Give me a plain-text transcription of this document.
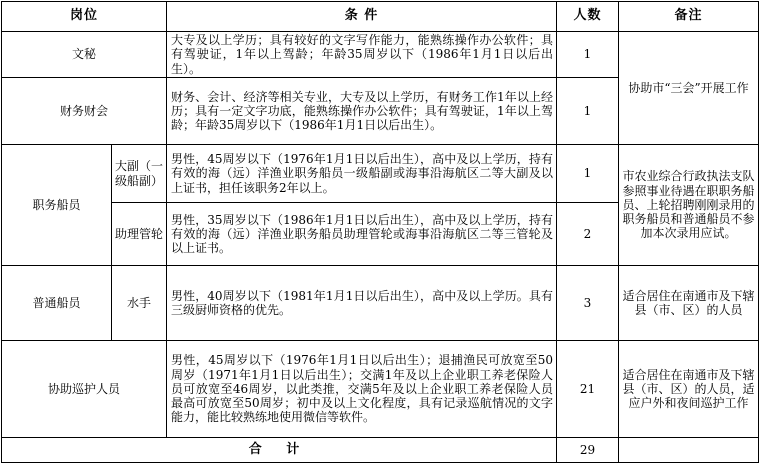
岗位		条 件	人数	备注
文秘		大专及以上学历；具有较好的文字写作能力，能熟练操作办公软件；具有驾驶证，1年以上驾龄；年龄35周岁以下（1986年1月1日以后出生）。	1	协助市“三会”开展工作
财务财会		财务、会计、经济等相关专业，大专及以上学历，有财务工作1年以上经历；具有一定文字功底，能熟练操作办公软件；具有驾驶证，1年以上驾龄；年龄35周岁以下（1986年1月1日以后出生）。	1	
职务船员	大副（一级船副）	男性，45周岁以下（1976年1月1日以后出生），高中及以上学历，持有有效的海（远）洋渔业职务船员一级船副或海事沿海航区二等大副及以上证书，担任该职务2年以上。	1	市农业综合行政执法支队参照事业待遇在职职务船员、上轮招聘刚刚录用的职务船员和普通船员不参加本次录用应试。
	助理管轮	男性，35周岁以下（1986年1月1日以后出生），高中及以上学历，持有有效的海（远）洋渔业职务船员助理管轮或海事沿海航区二等三管轮及以上证书。	2	
普通船员	水手	男性，40周岁以下（1981年1月1日以后出生），高中及以上学历。具有三级厨师资格的优先。	3	适合居住在南通市及下辖县（市、区）的人员
协助巡护人员		男性，45周岁以下（1976年1月1日以后出生）；退捕渔民可放宽至50周岁（1971年1月1日以后出生）；交满1年及以上企业职工养老保险人员可放宽至46周岁，以此类推，交满5年及以上企业职工养老保险人员最高可放宽至50周岁；初中及以上文化程度，具有记录巡航情况的文字能力，能比较熟练地使用微信等软件。	21	适合居住在南通市及下辖县（市、区）的人员，适应户外和夜间巡护工作
合 计			29	
